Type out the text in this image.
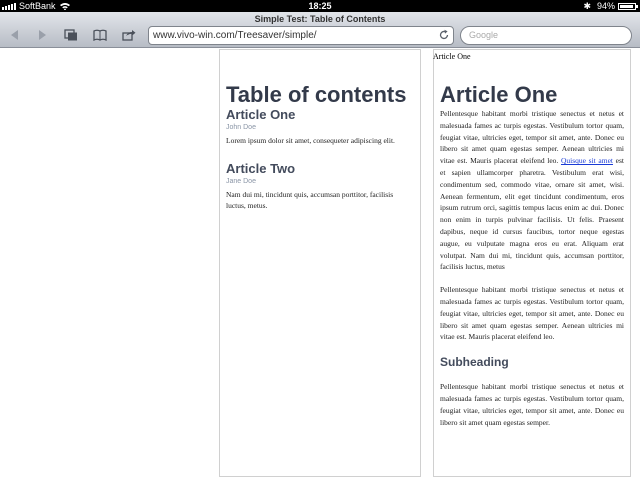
SoftBank	18:25	✱ 94%
Simple Test: Table of Contents
www.vivo-win.com/Treesaver/simple/	Google
Table of contents
Article One
John Doe
Lorem ipsum dolor sit amet, consequeter adipiscing elit.
Article Two
Jane Doe
Nam dui mi, tincidunt quis, accumsan porttitor, facilisis luctus, metus.
Article One

Pellentesque habitant morbi tristique senectus et netus et malesuada fames ac turpis egestas. Vestibulum tortor quam, feugiat vitae, ultricies eget, tempor sit amet, ante. Donec eu libero sit amet quam egestas semper. Aenean ultricies mi vitae est. Mauris placerat eleifend leo. Quisque sit amet est et sapien ullamcorper pharetra. Vestibulum erat wisi, condimentum sed, commodo vitae, ornare sit amet, wisi. Aenean fermentum, elit eget tincidunt condimentum, eros ipsum rutrum orci, sagittis tempus lacus enim ac dui. Donec non enim in turpis pulvinar facilisis. Ut felis. Praesent dapibus, neque id cursus faucibus, tortor neque egestas augue, eu vulputate magna eros eu erat. Aliquam erat volutpat. Nam dui mi, tincidunt quis, accumsan porttitor, facilisis luctus, metus

Pellentesque habitant morbi tristique senectus et netus et malesuada fames ac turpis egestas. Vestibulum tortor quam, feugiat vitae, ultricies eget, tempor sit amet, ante. Donec eu libero sit amet quam egestas semper. Aenean ultricies mi vitae est. Mauris placerat eleifend leo.

Subheading

Pellentesque habitant morbi tristique senectus et netus et malesuada fames ac turpis egestas. Vestibulum tortor quam, feugiat vitae, ultricies eget, tempor sit amet, ante. Donec eu libero sit amet quam egestas semper.

Article One
